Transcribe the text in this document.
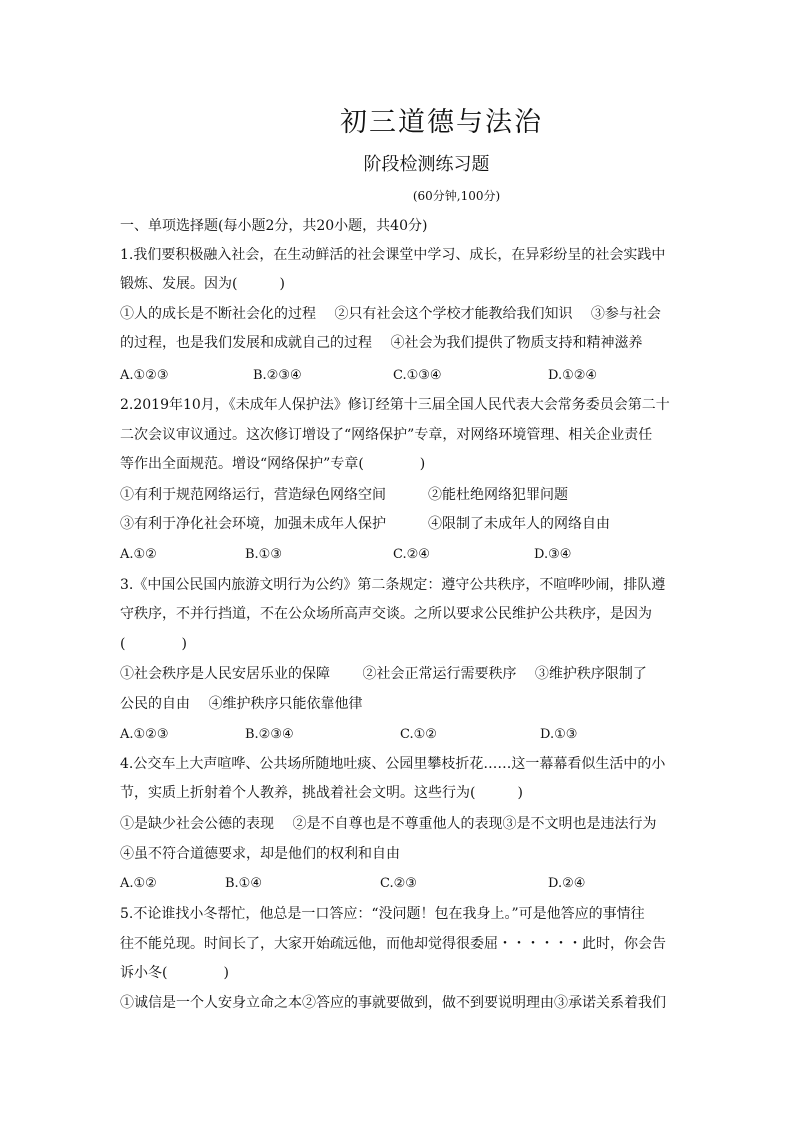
初三道德与法治
阶段检测练习题
(60分钟,100分)
一、单项选择题(每小题2分，共20小题，共40分)
1.我们要积极融入社会，在生动鲜活的社会课堂中学习、成长，在异彩纷呈的社会实践中
锻炼、发展。因为(　　　)
①人的成长是不断社会化的过程　 ②只有社会这个学校才能教给我们知识　 ③参与社会
的过程，也是我们发展和成就自己的过程　 ④社会为我们提供了物质支持和精神滋养
A.①②③	B.②③④	C.①③④	D.①②④
2.2019年10月，《未成年人保护法》修订经第十三届全国人民代表大会常务委员会第二十
二次会议审议通过。这次修订增设了“网络保护”专章，对网络环境管理、相关企业责任
等作出全面规范。增设“网络保护”专章(　　　　)
①有利于规范网络运行，营造绿色网络空间　　　②能杜绝网络犯罪问题
③有利于净化社会环境，加强未成年人保护　　　④限制了未成年人的网络自由
A.①②	B.①③	C.②④	D.③④
3.《中国公民国内旅游文明行为公约》第二条规定：遵守公共秩序，不喧哗吵闹，排队遵
守秩序，不并行挡道，不在公众场所高声交谈。之所以要求公民维护公共秩序，是因为
(　　　　)
①社会秩序是人民安居乐业的保障　　 ②社会正常运行需要秩序　 ③维护秩序限制了
公民的自由　 ④维护秩序只能依靠他律
A.①②③	B.②③④	C.①②	D.①③
4.公交车上大声喧哗、公共场所随地吐痰、公园里攀枝折花……这一幕幕看似生活中的小
节，实质上折射着个人教养，挑战着社会文明。这些行为(　　　)
①是缺少社会公德的表现　 ②是不自尊也是不尊重他人的表现③是不文明也是违法行为
④虽不符合道德要求，却是他们的权利和自由
A.①②	B.①④	C.②③	D.②④
5.不论谁找小冬帮忙，他总是一口答应：“没问题！包在我身上。”可是他答应的事情往
往不能兑现。时间长了，大家开始疏远他，而他却觉得很委屈・・・・・・此时，你会告
诉小冬(　　　　)
①诚信是一个人安身立命之本②答应的事就要做到，做不到要说明理由③承诺关系着我们
